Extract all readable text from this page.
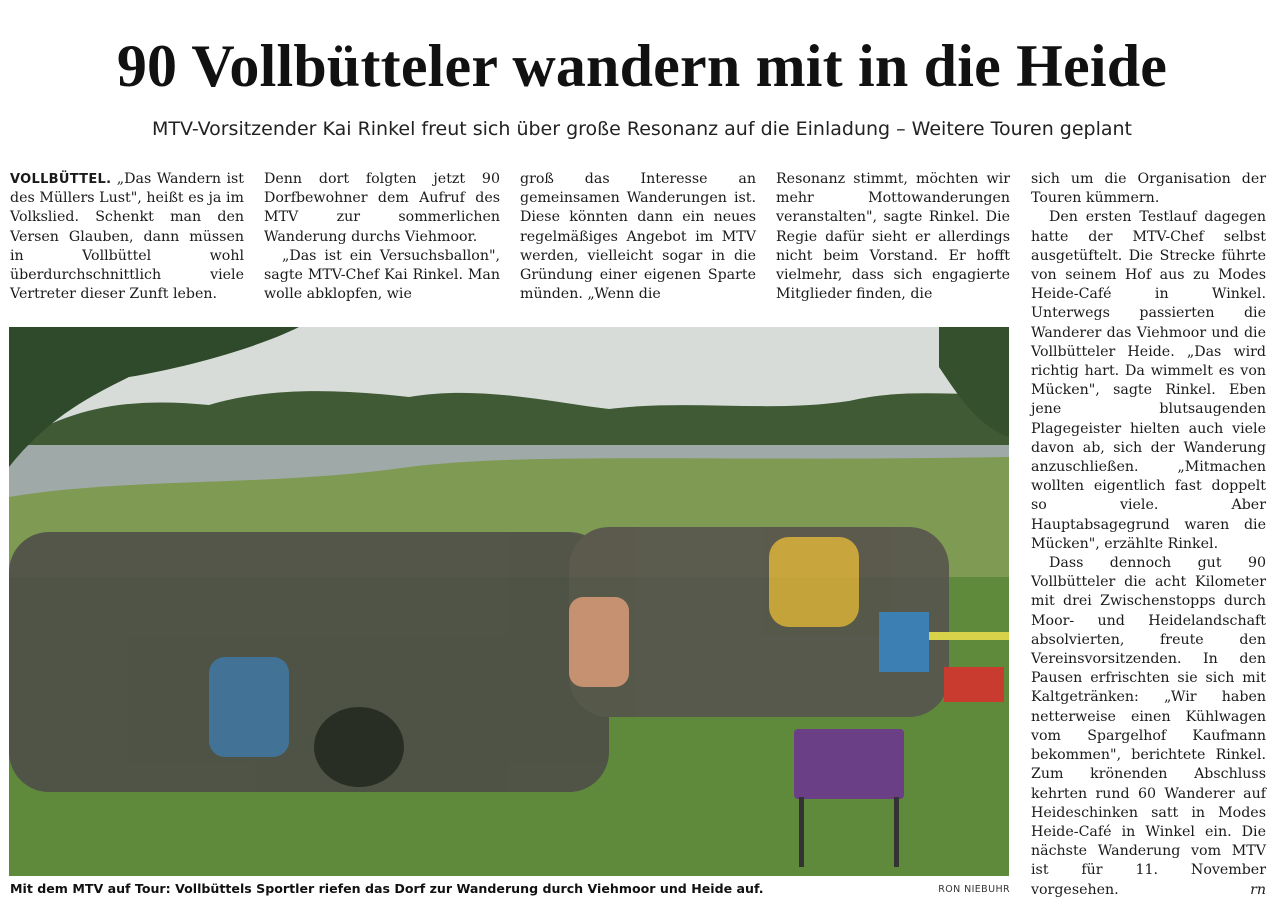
90 Vollbütteler wandern mit in die Heide
MTV-Vorsitzender Kai Rinkel freut sich über große Resonanz auf die Einladung – Weitere Touren geplant

VOLLBÜTTEL. „Das Wandern ist des Müllers Lust", heißt es ja im Volkslied. Schenkt man den Versen Glauben, dann müssen in Vollbüttel wohl überdurchschnittlich viele Vertreter dieser Zunft leben.

Denn dort folgten jetzt 90 Dorfbewohner dem Aufruf des MTV zur sommerlichen Wanderung durchs Viehmoor.

„Das ist ein Versuchsballon", sagte MTV-Chef Kai Rinkel. Man wolle abklopfen, wie

groß das Interesse an gemeinsamen Wanderungen ist. Diese könnten dann ein neues regelmäßiges Angebot im MTV werden, vielleicht sogar in die Gründung einer eigenen Sparte münden. „Wenn die

Resonanz stimmt, möchten wir mehr Mottowanderungen veranstalten", sagte Rinkel. Die Regie dafür sieht er allerdings nicht beim Vorstand. Er hofft vielmehr, dass sich engagierte Mitglieder finden, die

sich um die Organisation der Touren kümmern.

Den ersten Testlauf dagegen hatte der MTV-Chef selbst ausgetüftelt. Die Strecke führte von seinem Hof aus zu Modes Heide-Café in Winkel. Unterwegs passierten die Wanderer das Viehmoor und die Vollbütteler Heide. „Das wird richtig hart. Da wimmelt es von Mücken", sagte Rinkel. Eben jene blutsaugenden Plagegeister hielten auch viele davon ab, sich der Wanderung anzuschließen. „Mitmachen wollten eigentlich fast doppelt so viele. Aber Hauptabsagegrund waren die Mücken", erzählte Rinkel.

Dass dennoch gut 90 Vollbütteler die acht Kilometer mit drei Zwischenstopps durch Moor- und Heidelandschaft absolvierten, freute den Vereinsvorsitzenden. In den Pausen erfrischten sie sich mit Kaltgetränken: „Wir haben netterweise einen Kühlwagen vom Spargelhof Kaufmann bekommen", berichtete Rinkel. Zum krönenden Abschluss kehrten rund 60 Wanderer auf Heideschinken satt in Modes Heide-Café in Winkel ein. Die nächste Wanderung vom MTV ist für 11. November vorgesehen.	rn

Mit dem MTV auf Tour: Vollbüttels Sportler riefen das Dorf zur Wanderung durch Viehmoor und Heide auf.	RON NIEBUHR
